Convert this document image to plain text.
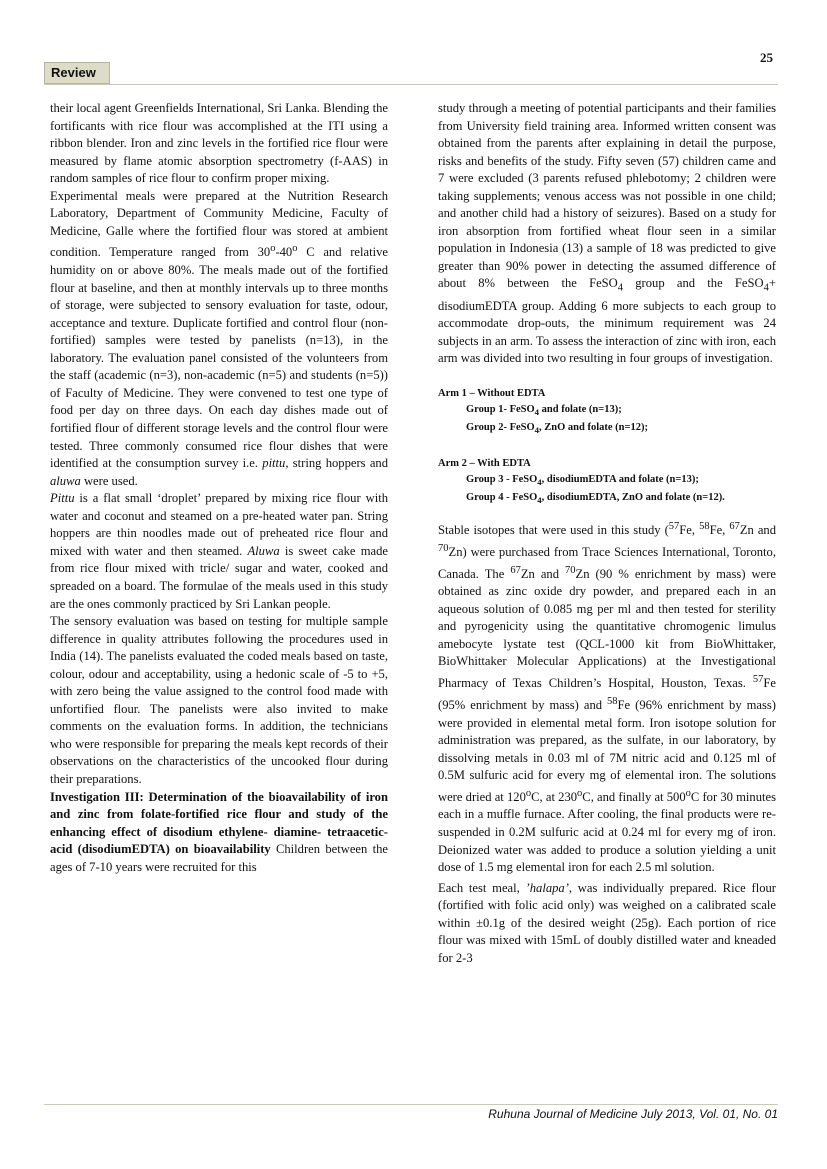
25
Review

their local agent Greenfields International, Sri Lanka. Blending the fortificants with rice flour was accomplished at the ITI using a ribbon blender. Iron and zinc levels in the fortified rice flour were measured by flame atomic absorption spectrometry (f-AAS) in random samples of rice flour to confirm proper mixing.

Experimental meals were prepared at the Nutrition Research Laboratory, Department of Community Medicine, Faculty of Medicine, Galle where the fortified flour was stored at ambient condition. Temperature ranged from 30$^o$-40$^o$ C and relative humidity on or above 80%. The meals made out of the fortified flour at baseline, and then at monthly intervals up to three months of storage, were subjected to sensory evaluation for taste, odour, acceptance and texture. Duplicate fortified and control flour (non-fortified) samples were tested by panelists (n=13), in the laboratory. The evaluation panel consisted of the volunteers from the staff (academic (n=3), non-academic (n=5) and students (n=5)) of Faculty of Medicine. They were convened to test one type of food per day on three days. On each day dishes made out of fortified flour of different storage levels and the control flour were tested. Three commonly consumed rice flour dishes that were identified at the consumption survey i.e. pittu, string hoppers and aluwa were used.

Pittu is a flat small ‘droplet’ prepared by mixing rice flour with water and coconut and steamed on a pre-heated water pan. String hoppers are thin noodles made out of preheated rice flour and mixed with water and then steamed. Aluwa is sweet cake made from rice flour mixed with tricle/ sugar and water, cooked and spreaded on a board. The formulae of the meals used in this study are the ones commonly practiced by Sri Lankan people.

The sensory evaluation was based on testing for multiple sample difference in quality attributes following the procedures used in India (14). The panelists evaluated the coded meals based on taste, colour, odour and acceptability, using a hedonic scale of -5 to +5, with zero being the value assigned to the control food made with unfortified flour. The panelists were also invited to make comments on the evaluation forms. In addition, the technicians who were responsible for preparing the meals kept records of their observations on the characteristics of the uncooked flour during their preparations.

Investigation III: Determination of the bioavailability of iron and zinc from folate-fortified rice flour and study of the enhancing effect of disodium ethylene- diamine- tetraacetic-acid (disodiumEDTA) on bioavailability Children between the ages of 7-10 years were recruited for this

study through a meeting of potential participants and their families from University field training area. Informed written consent was obtained from the parents after explaining in detail the purpose, risks and benefits of the study. Fifty seven (57) children came and 7 were excluded (3 parents refused phlebotomy; 2 children were taking supplements; venous access was not possible in one child; and another child had a history of seizures). Based on a study for iron absorption from fortified wheat flour seen in a similar population in Indonesia (13) a sample of 18 was predicted to give greater than 90% power in detecting the assumed difference of about 8% between the FeSO$_4$ group and the FeSO$_4$+ disodiumEDTA group. Adding 6 more subjects to each group to accommodate drop-outs, the minimum requirement was 24 subjects in an arm. To assess the interaction of zinc with iron, each arm was divided into two resulting in four groups of investigation.

Arm 1 – Without EDTA
Group 1- FeSO$_4$ and folate (n=13);
Group 2- FeSO$_4$, ZnO and folate (n=12);
Arm 2 – With EDTA
Group 3 - FeSO$_4$, disodiumEDTA and folate (n=13);
Group 4 - FeSO$_4$, disodiumEDTA, ZnO and folate (n=12).

Stable isotopes that were used in this study ($^{57}$Fe, $^{58}$Fe, $^{67}$Zn and $^{70}$Zn) were purchased from Trace Sciences International, Toronto, Canada. The $^{67}$Zn and $^{70}$Zn (90 % enrichment by mass) were obtained as zinc oxide dry powder, and prepared each in an aqueous solution of 0.085 mg per ml and then tested for sterility and pyrogenicity using the quantitative chromogenic limulus amebocyte lystate test (QCL-1000 kit from BioWhittaker, BioWhittaker Molecular Applications) at the Investigational Pharmacy of Texas Children’s Hospital, Houston, Texas. $^{57}$Fe (95% enrichment by mass) and $^{58}$Fe (96% enrichment by mass) were provided in elemental metal form. Iron isotope solution for administration was prepared, as the sulfate, in our laboratory, by dissolving metals in 0.03 ml of 7M nitric acid and 0.125 ml of 0.5M sulfuric acid for every mg of elemental iron. The solutions were dried at 120$^o$C, at 230$^o$C, and finally at 500$^o$C for 30 minutes each in a muffle furnace. After cooling, the final products were re-suspended in 0.2M sulfuric acid at 0.24 ml for every mg of iron. Deionized water was added to produce a solution yielding a unit dose of 1.5 mg elemental iron for each 2.5 ml solution.

Each test meal, ’halapa’, was individually prepared. Rice flour (fortified with folic acid only) was weighed on a calibrated scale within ±0.1g of the desired weight (25g). Each portion of rice flour was mixed with 15mL of doubly distilled water and kneaded for 2-3

Ruhuna Journal of Medicine July 2013, Vol. 01, No. 01
